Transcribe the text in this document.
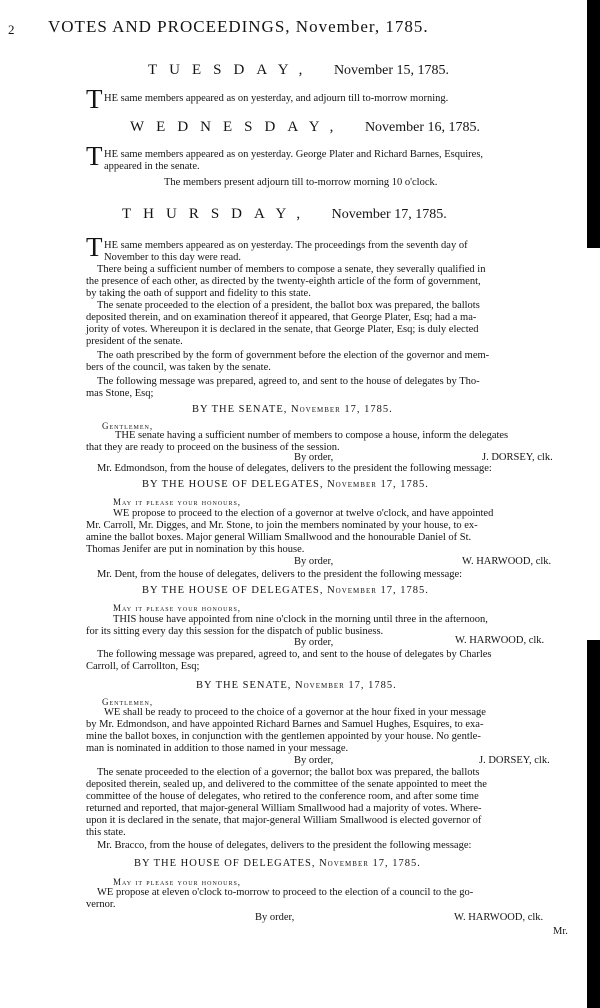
2 VOTES AND PROCEEDINGS, November, 1785.
TUESDAY, November 15, 1785.
T HE same members appeared as on yesterday, and adjourn till to-morrow morning.
WEDNESDAY, November 16, 1785.
T HE same members appeared as on yesterday. George Plater and Richard Barnes, Esquires,
appeared in the senate.
The members present adjourn till to-morrow morning 10 o'clock.
THURSDAY, November 17, 1785.
T HE same members appeared as on yesterday. The proceedings from the seventh day of
November to this day were read.
There being a sufficient number of members to compose a senate, they severally qualified in
the presence of each other, as directed by the twenty-eighth article of the form of government,
by taking the oath of support and fidelity to this state.
The senate proceeded to the election of a president, the ballot box was prepared, the ballots
deposited therein, and on examination thereof it appeared, that George Plater, Esq; had a ma-
jority of votes. Whereupon it is declared in the senate, that George Plater, Esq; is duly elected
president of the senate.
The oath prescribed by the form of government before the election of the governor and mem-
bers of the council, was taken by the senate.
The following message was prepared, agreed to, and sent to the house of delegates by Tho-
mas Stone, Esq;
BY THE SENATE, November 17, 1785.
Gentlemen,
THE senate having a sufficient number of members to compose a house, inform the delegates
that they are ready to proceed on the business of the session.
By order,	J. DORSEY, clk.
Mr. Edmondson, from the house of delegates, delivers to the president the following message:
BY THE HOUSE OF DELEGATES, November 17, 1785.
May it please your honours,
WE propose to proceed to the election of a governor at twelve o'clock, and have appointed
Mr. Carroll, Mr. Digges, and Mr. Stone, to join the members nominated by your house, to ex-
amine the ballot boxes. Major general William Smallwood and the honourable Daniel of St.
Thomas Jenifer are put in nomination by this house.
By order,	W. HARWOOD, clk.
Mr. Dent, from the house of delegates, delivers to the president the following message:
BY THE HOUSE OF DELEGATES, November 17, 1785.
May it please your honours,
THIS house have appointed from nine o'clock in the morning until three in the afternoon,
for its sitting every day this session for the dispatch of public business.
By order,	W. HARWOOD, clk.
The following message was prepared, agreed to, and sent to the house of delegates by Charles
Carroll, of Carrollton, Esq;
BY THE SENATE, November 17, 1785.
Gentlemen,
WE shall be ready to proceed to the choice of a governor at the hour fixed in your message
by Mr. Edmondson, and have appointed Richard Barnes and Samuel Hughes, Esquires, to exa-
mine the ballot boxes, in conjunction with the gentlemen appointed by your house. No gentle-
man is nominated in addition to those named in your message.
By order,	J. DORSEY, clk.
The senate proceeded to the election of a governor; the ballot box was prepared, the ballots
deposited therein, sealed up, and delivered to the committee of the senate appointed to meet the
committee of the house of delegates, who retired to the conference room, and after some time
returned and reported, that major-general William Smallwood had a majority of votes. Where-
upon it is declared in the senate, that major-general William Smallwood is elected governor of
this state.
Mr. Bracco, from the house of delegates, delivers to the president the following message:
BY THE HOUSE OF DELEGATES, November 17, 1785.
May it please your honours,
WE propose at eleven o'clock to-morrow to proceed to the election of a council to the go-
vernor.
By order,	W. HARWOOD, clk.
Mr.
